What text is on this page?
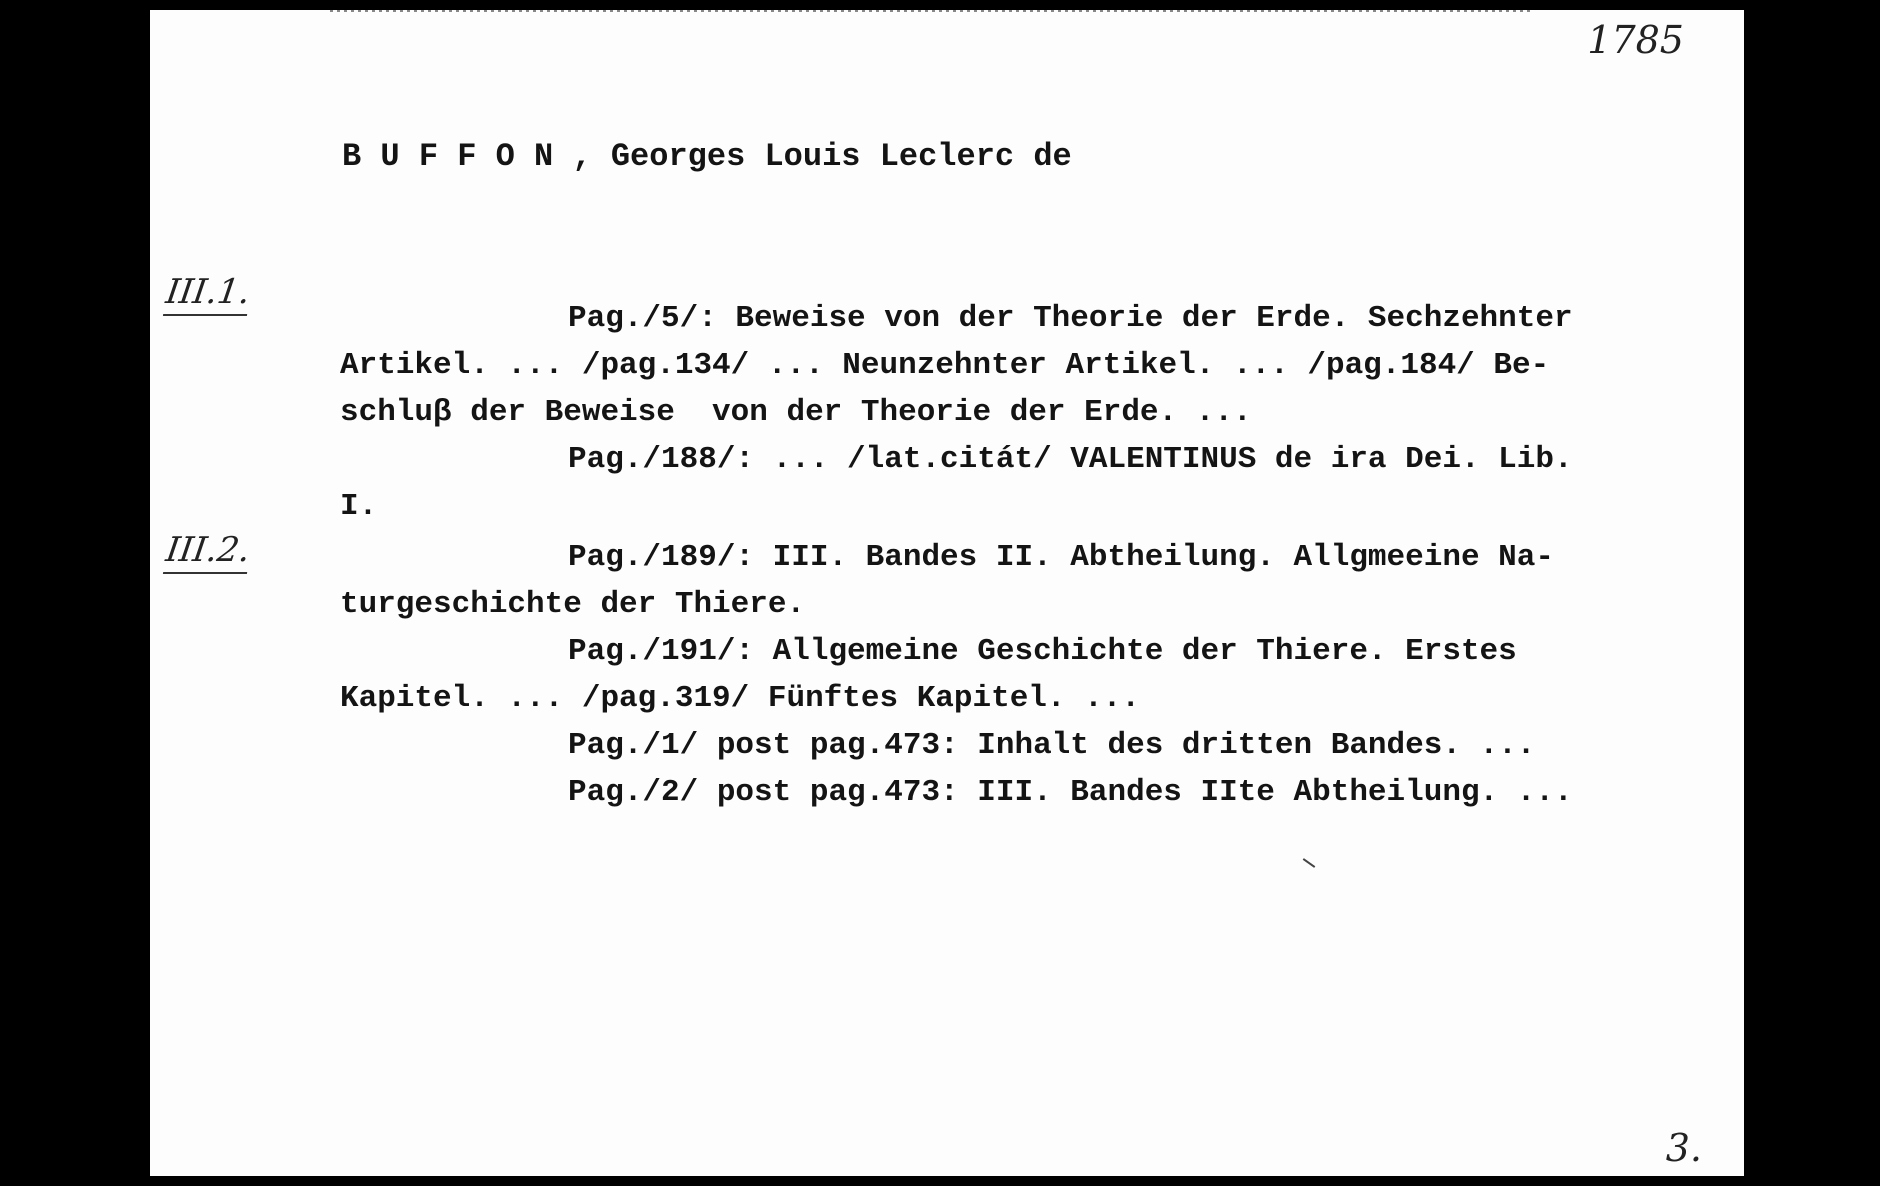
1785
B U F F O N , Georges Louis Leclerc de
III.1.
III.2.
Pag./5/: Beweise von der Theorie der Erde. Sechzehnter
Artikel. ... /pag.134/ ... Neunzehnter Artikel. ... /pag.184/ Be-
schluβ der Beweise  von der Theorie der Erde. ...
Pag./188/: ... /lat.citát/ VALENTINUS de ira Dei. Lib.
I.
Pag./189/: III. Bandes II. Abtheilung. Allgmeeine Na-
turgeschichte der Thiere.
Pag./191/: Allgemeine Geschichte der Thiere. Erstes
Kapitel. ... /pag.319/ Fünftes Kapitel. ...
Pag./1/ post pag.473: Inhalt des dritten Bandes. ...
Pag./2/ post pag.473: III. Bandes IIte Abtheilung. ...
3.
